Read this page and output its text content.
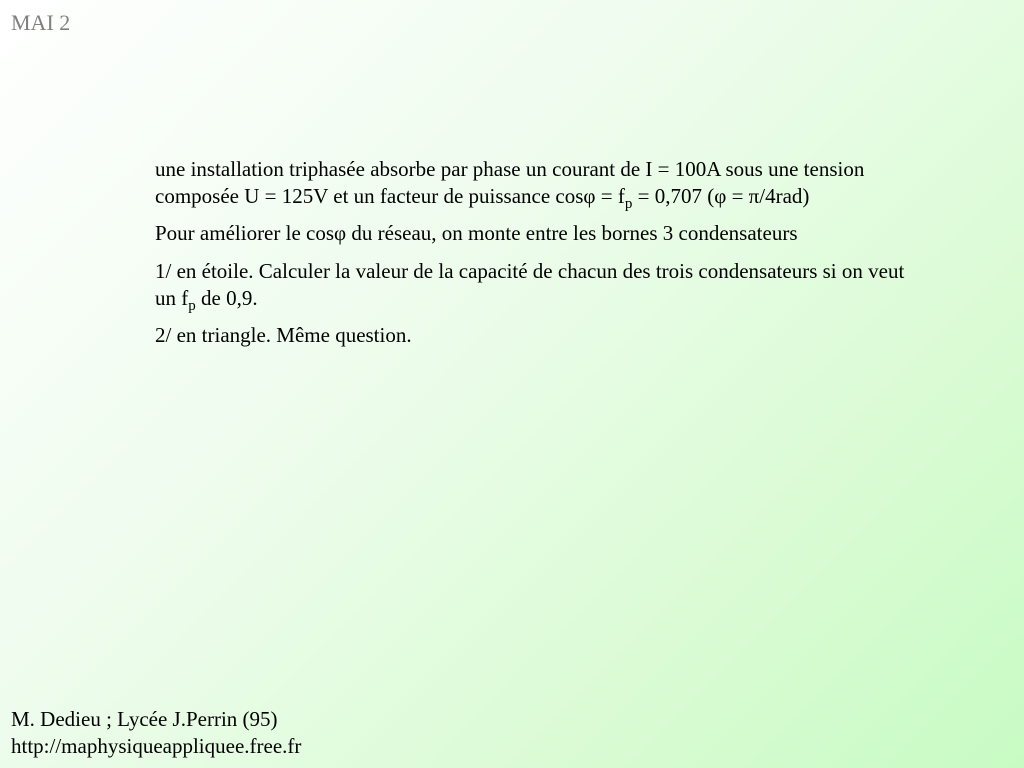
MAI 2

une installation triphasée absorbe par phase un courant de I = 100A sous une tension composée U = 125V et un facteur de puissance $\cos\varphi = f_p = 0,707$ (φ = π/4rad)

Pour améliorer le cosφ du réseau, on monte entre les bornes 3 condensateurs

1/ en étoile. Calculer la valeur de la capacité de chacun des trois condensateurs si on veut un $f_p$ de 0,9.

2/ en triangle. Même question.

M. Dedieu ; Lycée J.Perrin (95)
http://maphysiqueappliquee.free.fr
